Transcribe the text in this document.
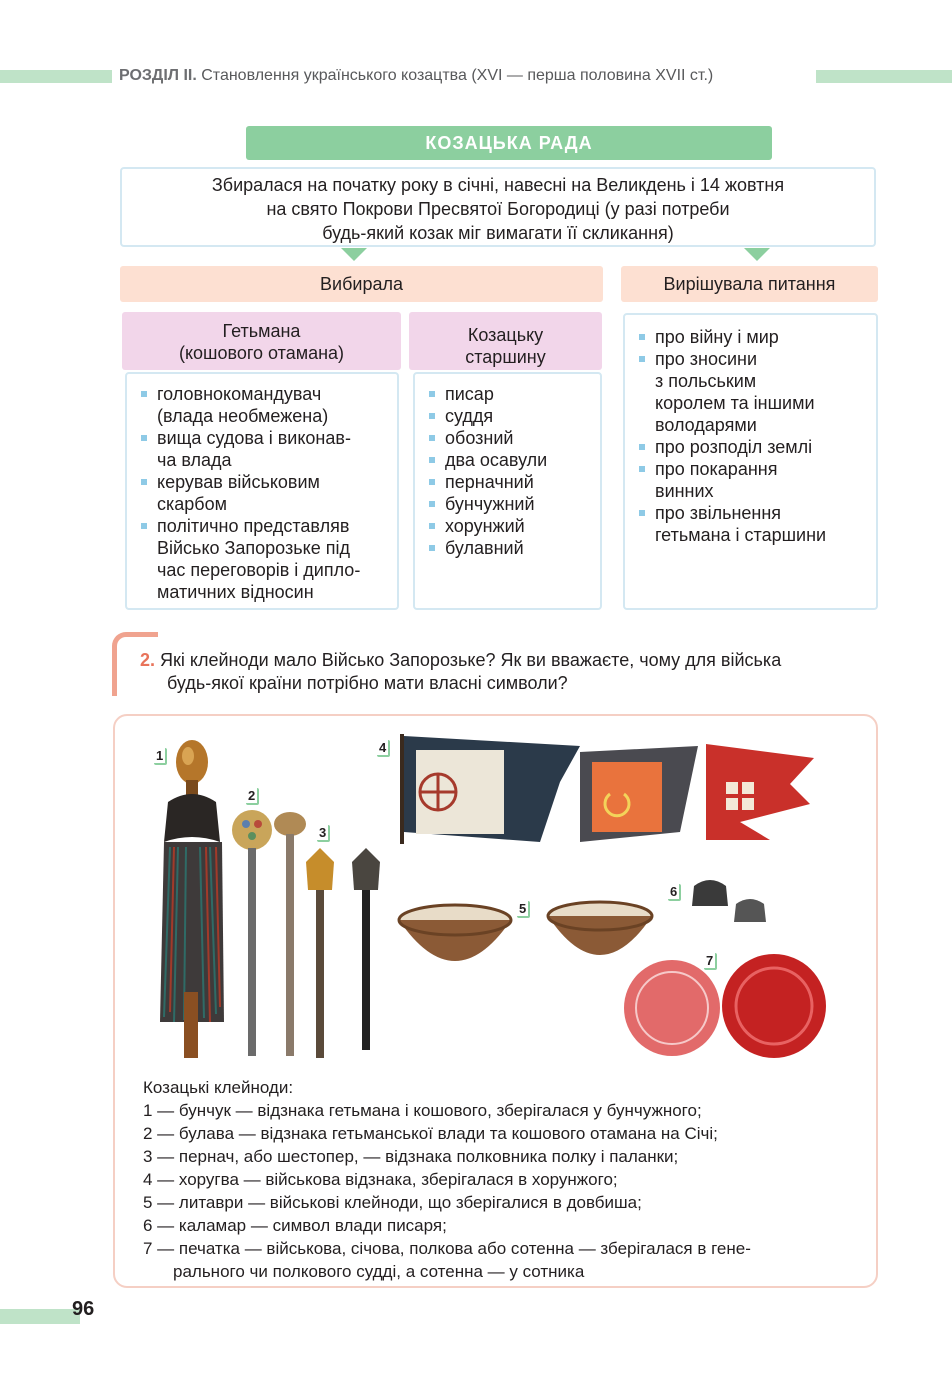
РОЗДІЛ II. Становлення українського козацтва (XVI — перша половина XVII ст.)
КОЗАЦЬКА РАДА
Збиралася на початку року в січні, навесні на Великдень і 14 жовтня
на свято Покрови Пресвятої Богородиці (у разі потреби
будь-який козак міг вимагати її скликання)
Вибирала	Вирішувала питання
Гетьмана
(кошового отамана)
головнокомандувач
(влада необмежена)
вища судова і виконав-
ча влада
керував військовим
скарбом
політично представляв
Військо Запорозьке під
час переговорів і дипло-
матичних відносин
Козацьку
старшину
писар
суддя
обозний
два осавули
перначний
бунчужний
хорунжий
булавний
про війну і мир
про зносини
з польським
королем та іншими
володарями
про розподіл землі
про покарання
винних
про звільнення
гетьмана і старшини
2. Які клейноди мало Військо Запорозьке? Як ви вважаєте, чому для війська
будь-якої країни потрібно мати власні символи?
1
2
3
4
5
6
7
Козацькі клейноди:
1 — бунчук — відзнака гетьмана і кошового, зберігалася у бунчужного;
2 — булава — відзнака гетьманської влади та кошового отамана на Січі;
3 — пернач, або шестопер, — відзнака полковника полку і паланки;
4 — хоругва — військова відзнака, зберігалася в хорунжого;
5 — литаври — військові клейноди, що зберігалися в довбиша;
6 — каламар — символ влади писаря;
7 — печатка — військова, січова, полкова або сотенна — зберігалася в гене-
рального чи полкового судді, а сотенна — у сотника
96
